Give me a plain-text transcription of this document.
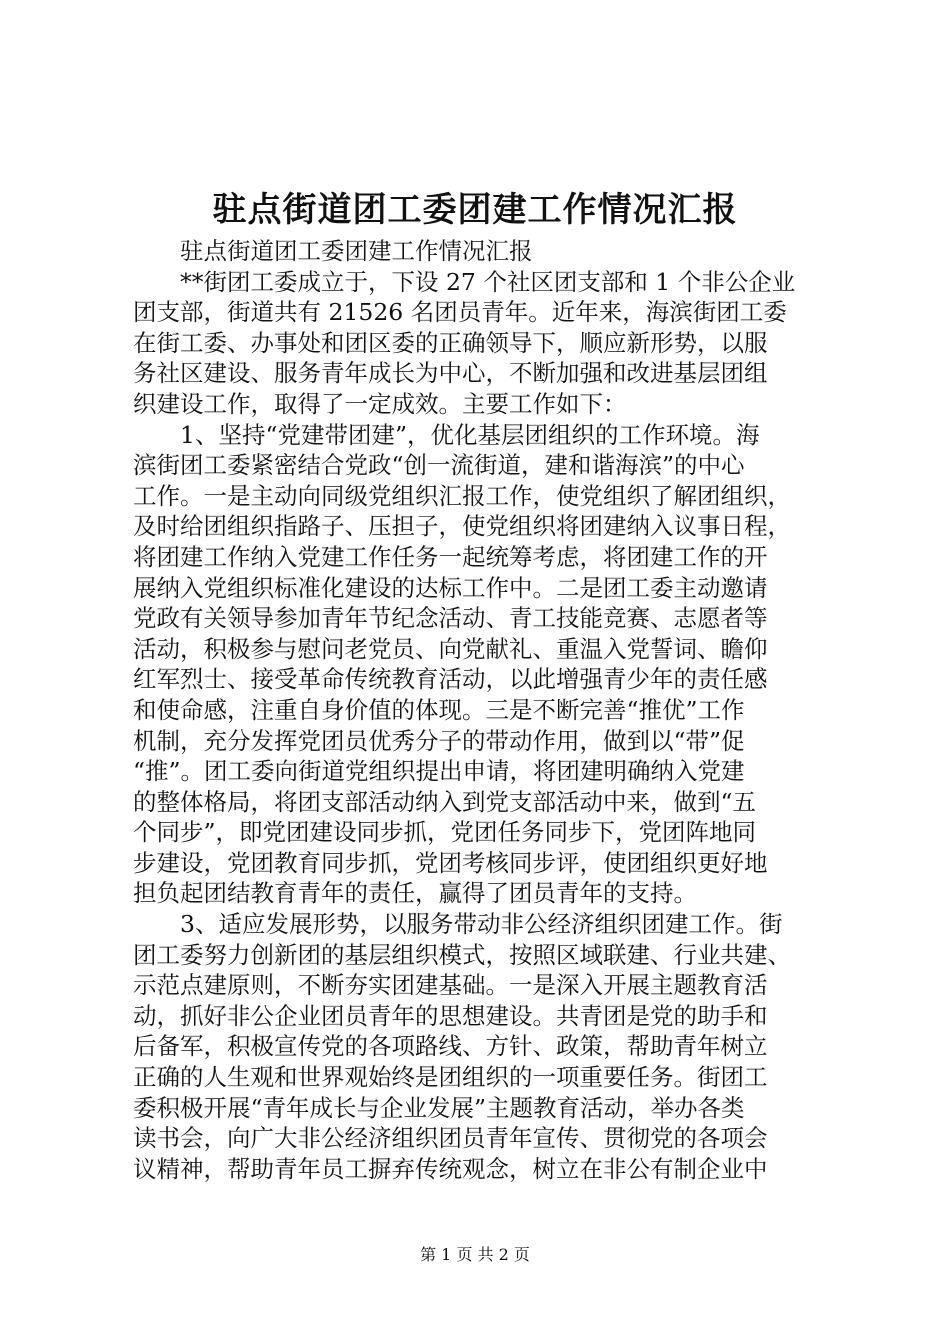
驻点街道团工委团建工作情况汇报
驻点街道团工委团建工作情况汇报
**街团工委成立于，下设 27 个社区团支部和 1 个非公企业
团支部，街道共有 21526 名团员青年。近年来，海滨街团工委
在街工委、办事处和团区委的正确领导下，顺应新形势，以服
务社区建设、服务青年成长为中心，不断加强和改进基层团组
织建设工作，取得了一定成效。主要工作如下：
1、坚持“党建带团建”，优化基层团组织的工作环境。海
滨街团工委紧密结合党政“创一流街道，建和谐海滨”的中心
工作。一是主动向同级党组织汇报工作，使党组织了解团组织，
及时给团组织指路子、压担子，使党组织将团建纳入议事日程，
将团建工作纳入党建工作任务一起统筹考虑，将团建工作的开
展纳入党组织标准化建设的达标工作中。二是团工委主动邀请
党政有关领导参加青年节纪念活动、青工技能竞赛、志愿者等
活动，积极参与慰问老党员、向党献礼、重温入党誓词、瞻仰
红军烈士、接受革命传统教育活动，以此增强青少年的责任感
和使命感，注重自身价值的体现。三是不断完善“推优”工作
机制，充分发挥党团员优秀分子的带动作用，做到以“带”促
“推”。团工委向街道党组织提出申请，将团建明确纳入党建
的整体格局，将团支部活动纳入到党支部活动中来，做到“五
个同步”，即党团建设同步抓，党团任务同步下，党团阵地同
步建设，党团教育同步抓，党团考核同步评，使团组织更好地
担负起团结教育青年的责任，赢得了团员青年的支持。
3、适应发展形势，以服务带动非公经济组织团建工作。街
团工委努力创新团的基层组织模式，按照区域联建、行业共建、
示范点建原则，不断夯实团建基础。一是深入开展主题教育活
动，抓好非公企业团员青年的思想建设。共青团是党的助手和
后备军，积极宣传党的各项路线、方针、政策，帮助青年树立
正确的人生观和世界观始终是团组织的一项重要任务。街团工
委积极开展“青年成长与企业发展”主题教育活动，举办各类
读书会，向广大非公经济组织团员青年宣传、贯彻党的各项会
议精神，帮助青年员工摒弃传统观念，树立在非公有制企业中
第 1 页 共 2 页
